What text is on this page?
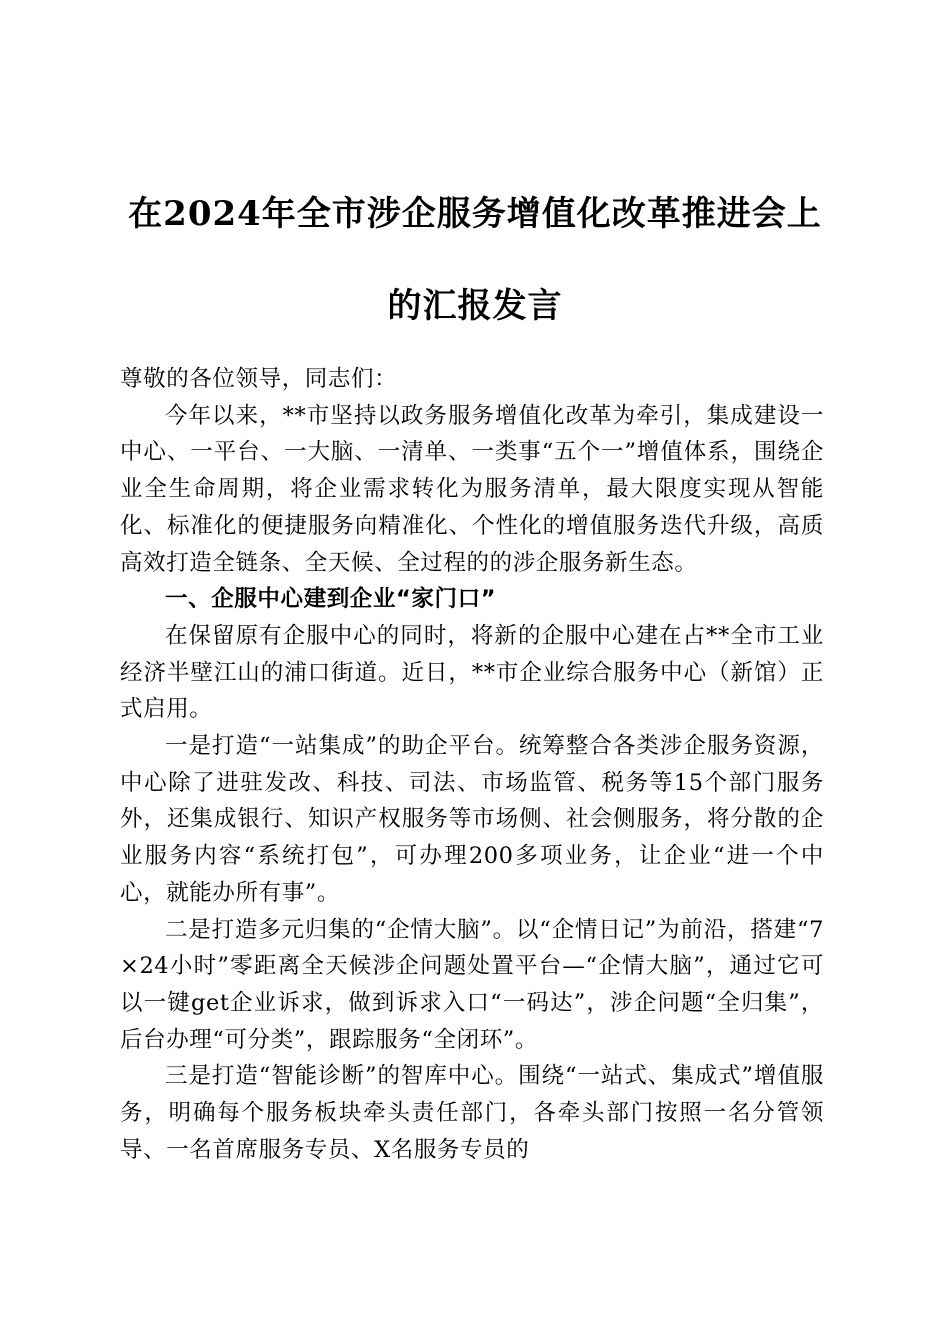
在2024年全市涉企服务增值化改革推进会上
的汇报发言

尊敬的各位领导，同志们：

今年以来，**市坚持以政务服务增值化改革为牵引，集成建设一中心、一平台、一大脑、一清单、一类事“五个一”增值体系，围绕企业全生命周期，将企业需求转化为服务清单，最大限度实现从智能化、标准化的便捷服务向精准化、个性化的增值服务迭代升级，高质高效打造全链条、全天候、全过程的的涉企服务新生态。

一、企服中心建到企业“家门口”

在保留原有企服中心的同时，将新的企服中心建在占**全市工业经济半壁江山的浦口街道。近日，**市企业综合服务中心（新馆）正式启用。

一是打造“一站集成”的助企平台。统筹整合各类涉企服务资源，中心除了进驻发改、科技、司法、市场监管、税务等15个部门服务外，还集成银行、知识产权服务等市场侧、社会侧服务，将分散的企业服务内容“系统打包”，可办理200多项业务，让企业“进一个中心，就能办所有事”。

二是打造多元归集的“企情大脑”。以“企情日记”为前沿，搭建“7×24小时”零距离全天候涉企问题处置平台—“企情大脑”，通过它可以一键get企业诉求，做到诉求入口“一码达”，涉企问题“全归集”，后台办理“可分类”，跟踪服务“全闭环”。

三是打造“智能诊断”的智库中心。围绕“一站式、集成式”增值服务，明确每个服务板块牵头责任部门，各牵头部门按照一名分管领导、一名首席服务专员、X名服务专员的
